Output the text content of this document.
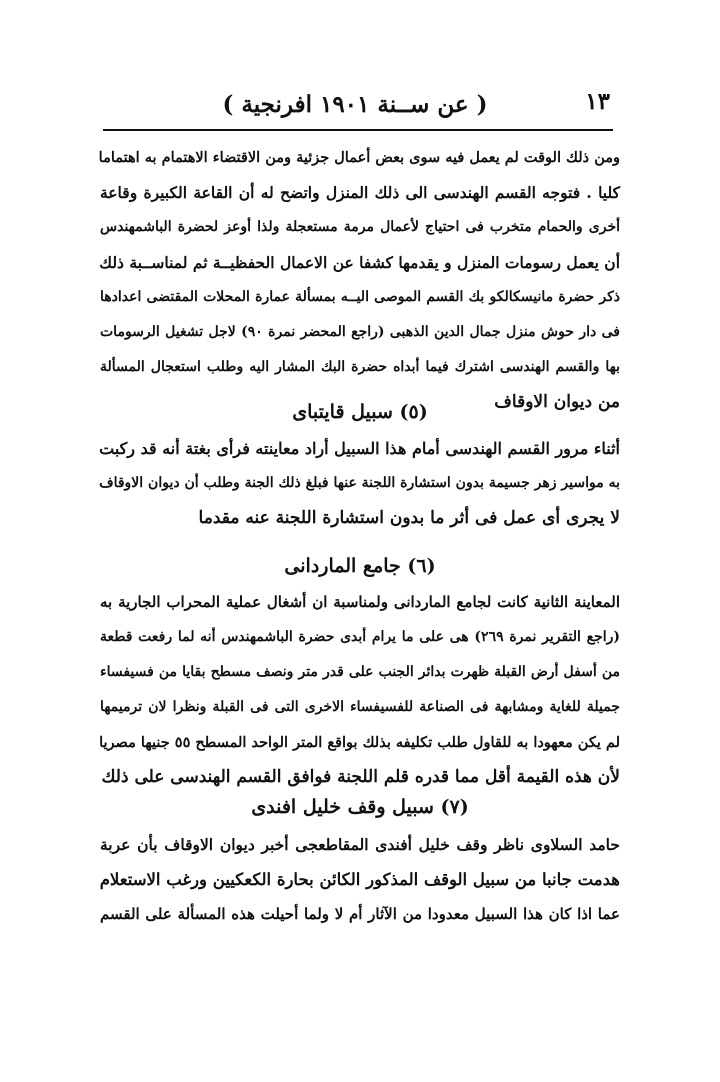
١٣
( عن ســنة ١٩٠١ افرنجية )
ومن ذلك الوقت لم يعمل فيه سوى بعض أعمال جزئية ومن الاقتضاء الاهتمام به اهتماما
كليا . فتوجه القسم الهندسى الى ذلك المنزل واتضح له أن القاعة الكبيرة وقاعة
أخرى والحمام متخرب فى احتياج لأعمال مرمة مستعجلة ولذا أوعز لحضرة الباشمهندس
أن يعمل رسومات المنزل و يقدمها كشفا عن الاعمال الحفظيــة ثم لمناســبة ذلك
ذكر حضرة مانيسكالكو بك القسم الموصى اليــه بمسألة عمارة المحلات المقتضى اعدادها
فى دار حوش منزل جمال الدين الذهبى (راجع المحضر نمرة ٩٠) لاجل تشغيل الرسومات
بها والقسم الهندسى اشترك فيما أبداه حضرة البك المشار اليه وطلب استعجال المسألة
من ديوان الاوقاف
(٥) سبيل قايتباى
أثناء مرور القسم الهندسى أمام هذا السبيل أراد معاينته فرأى بغتة أنه قد ركبت
به مواسير زهر جسيمة بدون استشارة اللجنة عنها فبلغ ذلك الجنة وطلب أن ديوان الاوقاف
لا يجرى أى عمل فى أثر ما بدون استشارة اللجنة عنه مقدما
(٦) جامع الماردانى
المعاينة الثانية كانت لجامع الماردانى ولمناسبة ان أشغال عملية المحراب الجارية به
(راجع التقرير نمرة ٢٦٩) هى على ما يرام أبدى حضرة الباشمهندس أنه لما رفعت قطعة
من أسفل أرض القبلة ظهرت بدائر الجنب على قدر متر ونصف مسطح بقايا من فسيفساء
جميلة للغاية ومشابهة فى الصناعة للفسيفساء الاخرى التى فى القبلة ونظرا لان ترميمها
لم يكن معهودا به للقاول طلب تكليفه بذلك بواقع المتر الواحد المسطح ٥٥ جنيها مصريا
لأن هذه القيمة أقل مما قدره قلم اللجنة فوافق القسم الهندسى على ذلك
(٧) سبيل وقف خليل افندى
حامد السلاوى ناظر وقف خليل أفندى المقاطعجى أخبر ديوان الاوقاف بأن عربة
هدمت جانبا من سبيل الوقف المذكور الكائن بحارة الكعكيين ورغب الاستعلام
عما اذا كان هذا السبيل معدودا من الآثار أم لا ولما أحيلت هذه المسألة على القسم
